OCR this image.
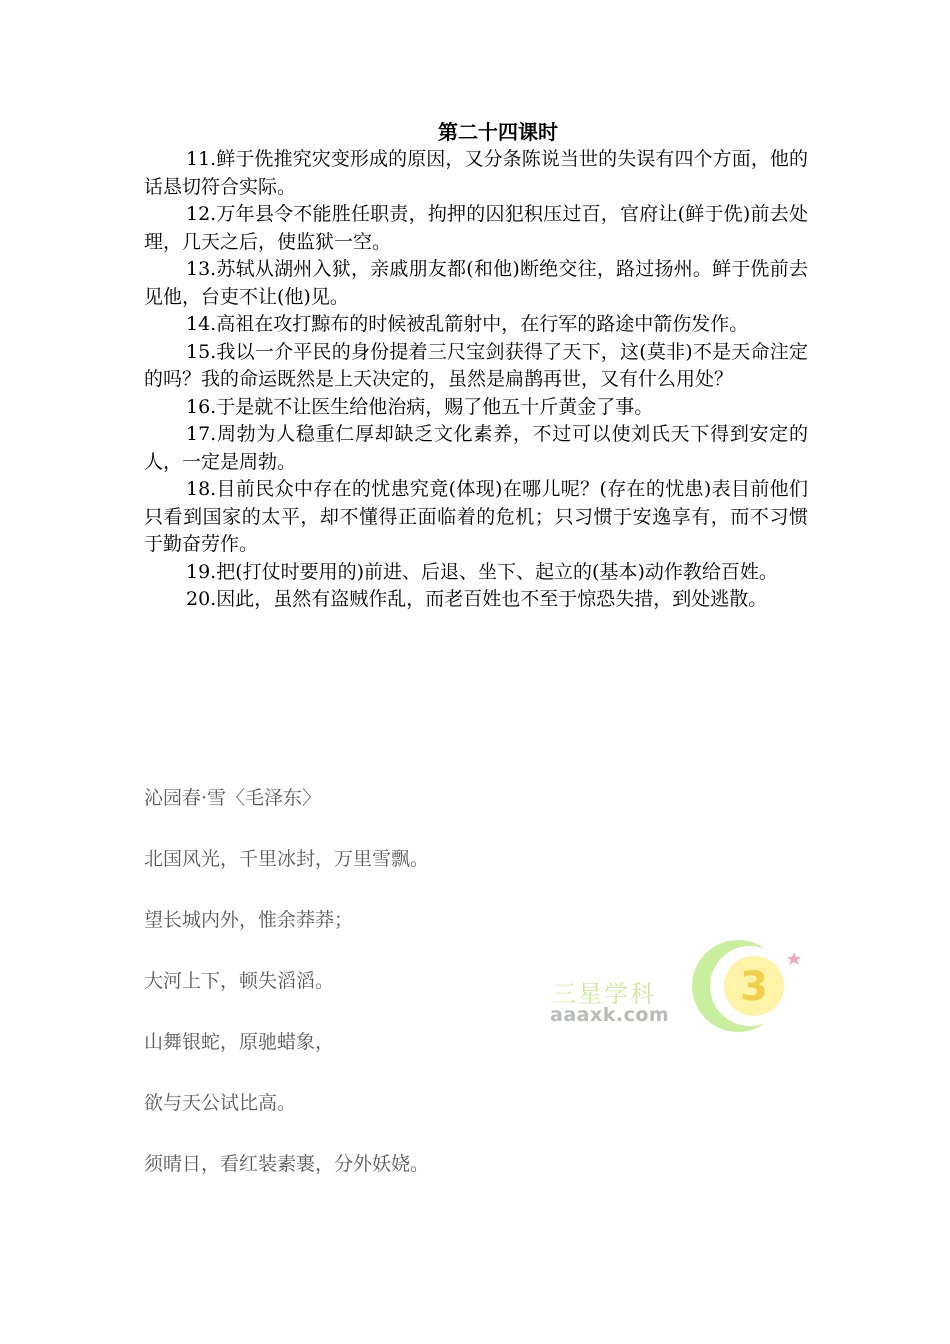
第二十四课时

11.鲜于侁推究灾变形成的原因，又分条陈说当世的失误有四个方面，他的话恳切符合实际。

12.万年县令不能胜任职责，拘押的囚犯积压过百，官府让(鲜于侁)前去处理，几天之后，使监狱一空。

13.苏轼从湖州入狱，亲戚朋友都(和他)断绝交往，路过扬州。鲜于侁前去见他，台吏不让(他)见。

14.高祖在攻打黥布的时候被乱箭射中，在行军的路途中箭伤发作。

15.我以一介平民的身份提着三尺宝剑获得了天下，这(莫非)不是天命注定的吗？我的命运既然是上天决定的，虽然是扁鹊再世，又有什么用处？

16.于是就不让医生给他治病，赐了他五十斤黄金了事。

17.周勃为人稳重仁厚却缺乏文化素养，不过可以使刘氏天下得到安定的人，一定是周勃。

18.目前民众中存在的忧患究竟(体现)在哪儿呢？(存在的忧患)表目前他们只看到国家的太平，却不懂得正面临着的危机；只习惯于安逸享有，而不习惯于勤奋劳作。

19.把(打仗时要用的)前进、后退、坐下、起立的(基本)动作教给百姓。

20.因此，虽然有盗贼作乱，而老百姓也不至于惊恐失措，到处逃散。

沁园春·雪〈毛泽东〉
北国风光，千里冰封，万里雪飘。
望长城内外，惟余莽莽；
大河上下，顿失滔滔。
山舞银蛇，原驰蜡象，
欲与天公试比高。
须晴日，看红装素裹，分外妖娆。
三星学科
aaaxk.com
3
